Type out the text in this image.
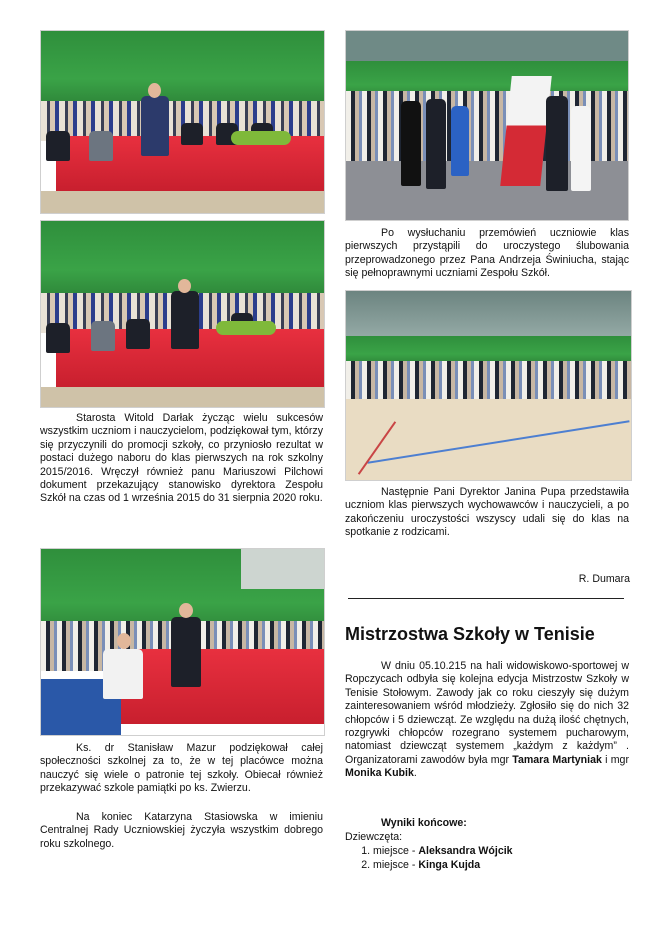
Starosta Witold Darłak życząc wielu sukcesów wszystkim uczniom i nauczycielom, podziękował tym, którzy się przyczynili do promocji szkoły, co przyniosło rezultat w postaci dużego naboru do klas pierwszych na rok szkolny 2015/2016. Wręczył również panu Mariuszowi Pilchowi dokument przekazujący stanowisko dyrektora Zespołu Szkół na czas od 1 września 2015 do 31 sierpnia 2020 roku.

Ks. dr Stanisław Mazur podziękował całej społeczności szkolnej za to, że w tej placówce można nauczyć się wiele o patronie tej szkoły. Obiecał również przekazywać szkole pamiątki po ks. Zwierzu.

Na koniec Katarzyna Stasiowska w imieniu Centralnej Rady Uczniowskiej życzyła wszystkim dobrego roku szkolnego.

Po wysłuchaniu przemówień uczniowie klas pierwszych przystąpili do uroczystego ślubowania przeprowadzonego przez Pana Andrzeja Świniucha, stając się pełnoprawnymi uczniami Zespołu Szkół.

Następnie Pani Dyrektor Janina Pupa przedstawiła uczniom klas pierwszych wychowawców i nauczycieli, a po zakończeniu uroczystości wszyscy udali się do klas na spotkanie z rodzicami.

R. Dumara
Mistrzostwa Szkoły w Tenisie

W dniu 05.10.215 na hali widowiskowo-sportowej w Ropczycach odbyła się kolejna edycja Mistrzostw Szkoły w Tenisie Stołowym. Zawody jak co roku cieszyły się dużym zainteresowaniem wśród młodzieży. Zgłosiło się do nich 32 chłopców i 5 dziewcząt. Ze względu na dużą ilość chętnych, rozgrywki chłopców rozegrano systemem pucharowym, natomiast dziewcząt systemem „każdym z każdym” . Organizatorami zawodów była mgr Tamara Martyniak i mgr Monika Kubik.

Wyniki końcowe:
Dziewczęta:
1. miejsce - Aleksandra Wójcik
2. miejsce - Kinga Kujda
